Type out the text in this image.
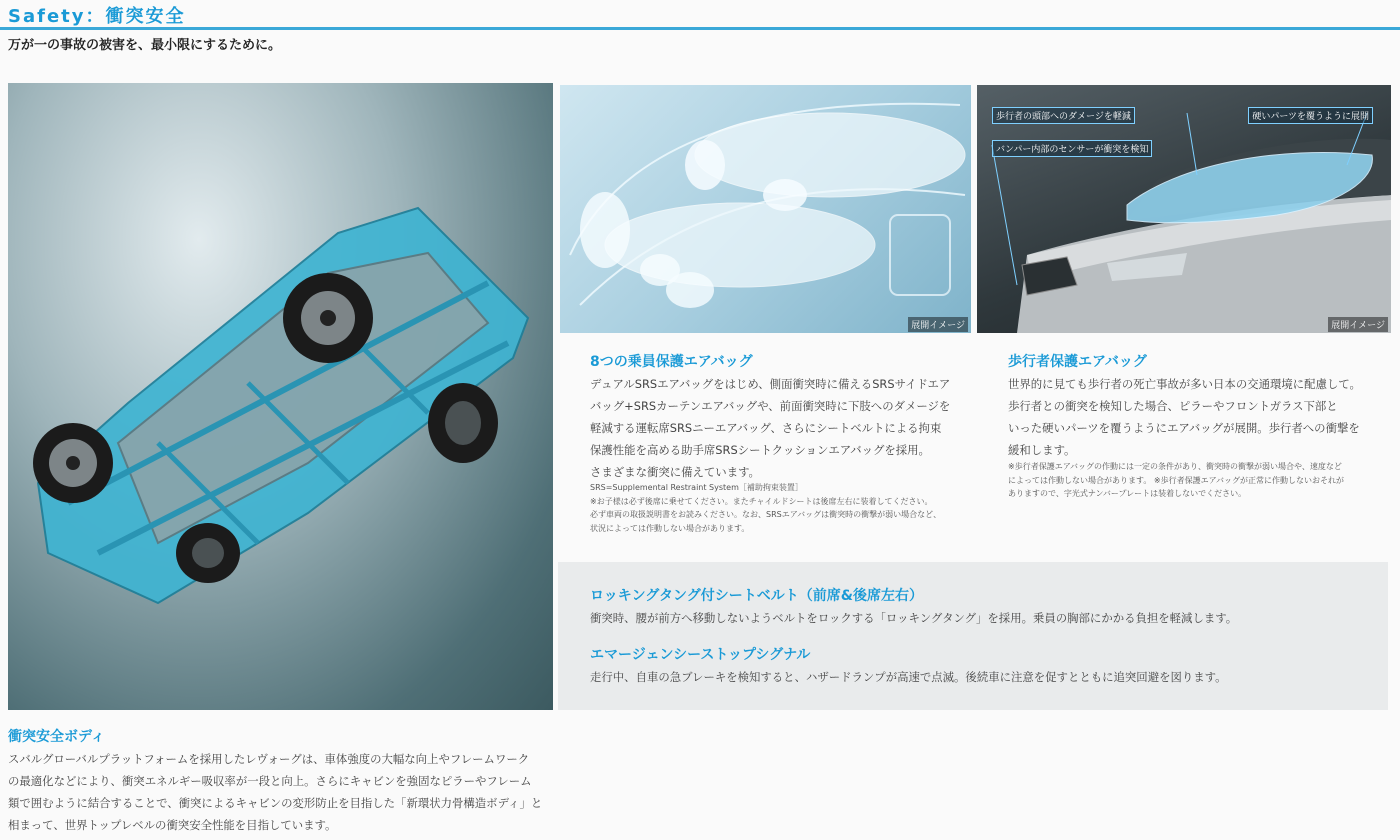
Safety：衝突安全
万が一の事故の被害を、最小限にするために。
展開イメージ
歩行者の頭部へのダメージを軽減	硬いパーツを覆うように展開
バンパー内部のセンサーが衝突を検知
展開イメージ
8つの乗員保護エアバッグ
デュアルSRSエアバッグをはじめ、側面衝突時に備えるSRSサイドエア
バッグ+SRSカーテンエアバッグや、前面衝突時に下肢へのダメージを
軽減する運転席SRSニーエアバッグ、さらにシートベルトによる拘束
保護性能を高める助手席SRSシートクッションエアバッグを採用。
さまざまな衝突に備えています。
SRS=Supplemental Restraint System［補助拘束装置］
※お子様は必ず後席に乗せてください。またチャイルドシートは後席左右に装着してください。
必ず車両の取扱説明書をお読みください。なお、SRSエアバッグは衝突時の衝撃が弱い場合など、
状況によっては作動しない場合があります。
歩行者保護エアバッグ
世界的に見ても歩行者の死亡事故が多い日本の交通環境に配慮して。
歩行者との衝突を検知した場合、ピラーやフロントガラス下部と
いった硬いパーツを覆うようにエアバッグが展開。歩行者への衝撃を
緩和します。
※歩行者保護エアバッグの作動には一定の条件があり、衝突時の衝撃が弱い場合や、速度など
によっては作動しない場合があります。 ※歩行者保護エアバッグが正常に作動しないおそれが
ありますので、字光式ナンバープレートは装着しないでください。
ロッキングタング付シートベルト（前席&後席左右）
衝突時、腰が前方へ移動しないようベルトをロックする「ロッキングタング」を採用。乗員の胸部にかかる負担を軽減します。
エマージェンシーストップシグナル
走行中、自車の急ブレーキを検知すると、ハザードランプが高速で点滅。後続車に注意を促すとともに追突回避を図ります。
衝突安全ボディ
スバルグローバルプラットフォームを採用したレヴォーグは、車体強度の大幅な向上やフレームワーク
の最適化などにより、衝突エネルギー吸収率が一段と向上。さらにキャビンを強固なピラーやフレーム
類で囲むように結合することで、衝突によるキャビンの変形防止を目指した「新環状力骨構造ボディ」と
相まって、世界トップレベルの衝突安全性能を目指しています。
